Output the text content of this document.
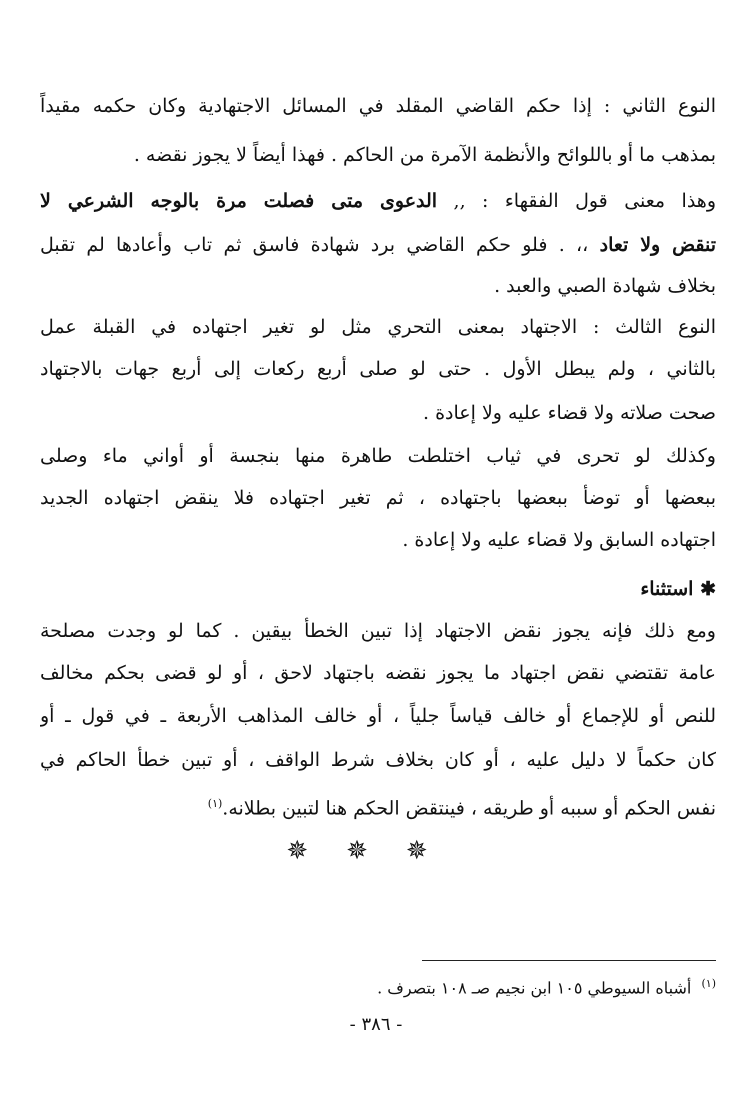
النوع الثاني : إذا حكم القاضي المقلد في المسائل الاجتهادية وكان حكمه مقيداً
بمذهب ما أو باللوائح والأنظمة الآمرة من الحاكم . فهذا أيضاً لا يجوز نقضه .
وهذا معنى قول الفقهاء : ,, الدعوى متى فصلت مرة بالوجه الشرعي لا
تنقض ولا تعاد ،، . فلو حكم القاضي برد شهادة فاسق ثم تاب وأعادها لم تقبل
بخلاف شهادة الصبي والعبد .
النوع الثالث : الاجتهاد بمعنى التحري مثل لو تغير اجتهاده في القبلة عمل
بالثاني ، ولم يبطل الأول . حتى لو صلى أربع ركعات إلى أربع جهات بالاجتهاد
صحت صلاته ولا قضاء عليه ولا إعادة .
وكذلك لو تحرى في ثياب اختلطت طاهرة منها بنجسة أو أواني ماء وصلى
ببعضها أو توضأ ببعضها باجتهاده ، ثم تغير اجتهاده فلا ينقض اجتهاده الجديد
اجتهاده السابق ولا قضاء عليه ولا إعادة .
✱ استثناء
ومع ذلك فإنه يجوز نقض الاجتهاد إذا تبين الخطأ بيقين . كما لو وجدت مصلحة
عامة تقتضي نقض اجتهاد ما يجوز نقضه باجتهاد لاحق ، أو لو قضى بحكم مخالف
للنص أو للإجماع أو خالف قياساً جلياً ، أو خالف المذاهب الأربعة ـ في قول ـ أو
كان حكماً لا دليل عليه ، أو كان بخلاف شرط الواقف ، أو تبين خطأ الحاكم في
نفس الحكم أو سببه أو طريقه ، فينتقض الحكم هنا لتبين بطلانه.$^{(١)}$
✵✵✵
$^{(١)}$  أشباه السيوطي ١٠٥ ابن نجيم صـ ١٠٨ بتصرف .
- ٣٨٦ -
